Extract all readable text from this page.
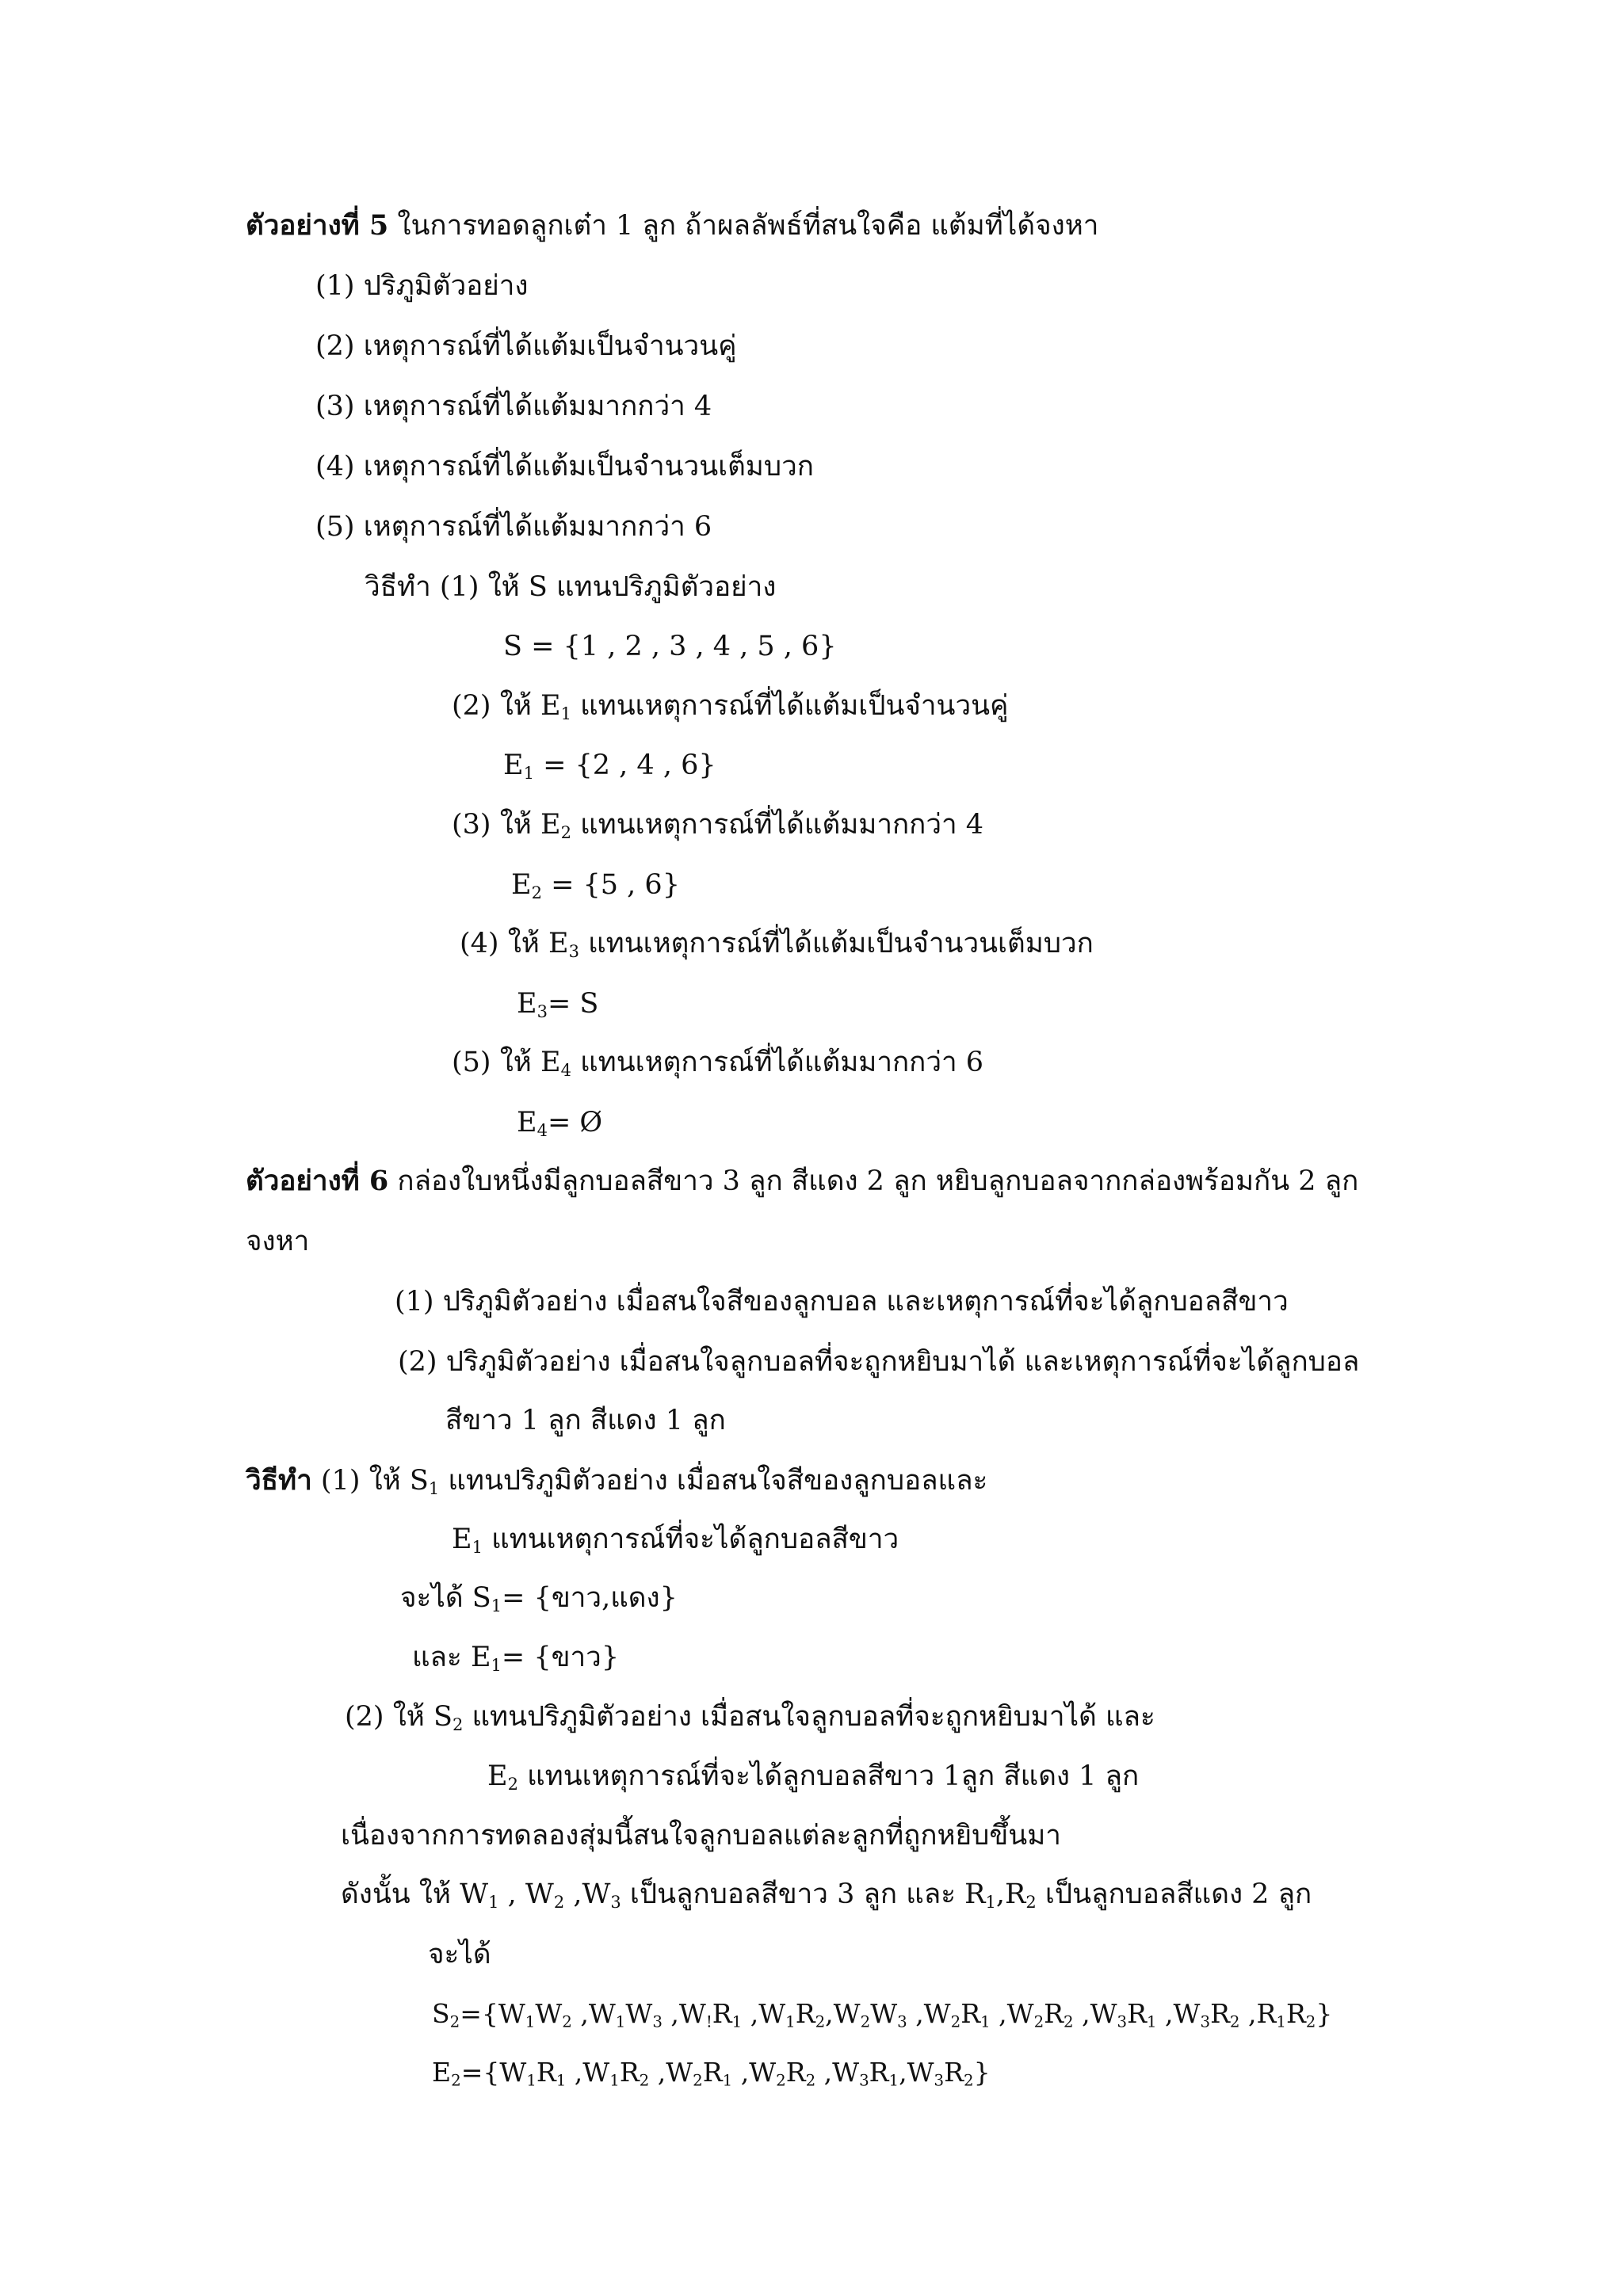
ตัวอย่างที่ 5 ในการทอดลูกเต๋า 1 ลูก ถ้าผลลัพธ์ที่สนใจคือ แต้มที่ได้จงหา
(1) ปริภูมิตัวอย่าง
(2) เหตุการณ์ที่ได้แต้มเป็นจำนวนคู่
(3) เหตุการณ์ที่ได้แต้มมากกว่า 4
(4) เหตุการณ์ที่ได้แต้มเป็นจำนวนเต็มบวก
(5) เหตุการณ์ที่ได้แต้มมากกว่า 6
วิธีทำ (1) ให้ S แทนปริภูมิตัวอย่าง
S = {1 , 2 , 3 , 4 , 5 , 6}
(2) ให้ $E_1$ แทนเหตุการณ์ที่ได้แต้มเป็นจำนวนคู่
$E_1 = \{2$ , 4 , 6}
(3) ให้ $E_2$ แทนเหตุการณ์ที่ได้แต้มมากกว่า 4
$E_2 = \{5$ , 6}
(4) ให้ $E_3$ แทนเหตุการณ์ที่ได้แต้มเป็นจำนวนเต็มบวก
$E_3= S$
(5) ให้ $E_4$ แทนเหตุการณ์ที่ได้แต้มมากกว่า 6
$E_4=$ Ø
ตัวอย่างที่ 6 กล่องใบหนึ่งมีลูกบอลสีขาว 3 ลูก สีแดง 2 ลูก หยิบลูกบอลจากกล่องพร้อมกัน 2 ลูก
จงหา
(1) ปริภูมิตัวอย่าง เมื่อสนใจสีของลูกบอล และเหตุการณ์ที่จะได้ลูกบอลสีขาว
(2) ปริภูมิตัวอย่าง เมื่อสนใจลูกบอลที่จะถูกหยิบมาได้ และเหตุการณ์ที่จะได้ลูกบอล
สีขาว 1 ลูก สีแดง 1 ลูก
วิธีทำ (1) ให้ $S_1$ แทนปริภูมิตัวอย่าง เมื่อสนใจสีของลูกบอลและ
$E_1$ แทนเหตุการณ์ที่จะได้ลูกบอลสีขาว
จะได้ $S_1=$ {ขาว,แดง}
และ $E_1=$ {ขาว}
(2) ให้ $S_2$ แทนปริภูมิตัวอย่าง เมื่อสนใจลูกบอลที่จะถูกหยิบมาได้ และ
$E_2$ แทนเหตุการณ์ที่จะได้ลูกบอลสีขาว 1ลูก สีแดง 1 ลูก
เนื่องจากการทดลองสุ่มนี้สนใจลูกบอลแต่ละลูกที่ถูกหยิบขึ้นมา
ดังนั้น ให้ $W_1$ , $W_2$ $,W_3$ เป็นลูกบอลสีขาว 3 ลูก และ $R_1,R_2$ เป็นลูกบอลสีแดง 2 ลูก
จะได้
$S_2=\{W_1W_2$ $,W_1W_3$ $,W_!R_1$ $,W_1R_2,W_2W_3$ $,W_2R_1$ $,W_2R_2$ $,W_3R_1$ $,W_3R_2$ $,R_1R_2$}
$E_2=\{W_1R_1$ $,W_1R_2$ $,W_2R_1$ $,W_2R_2$ $,W_3R_1,W_3R_2$}
